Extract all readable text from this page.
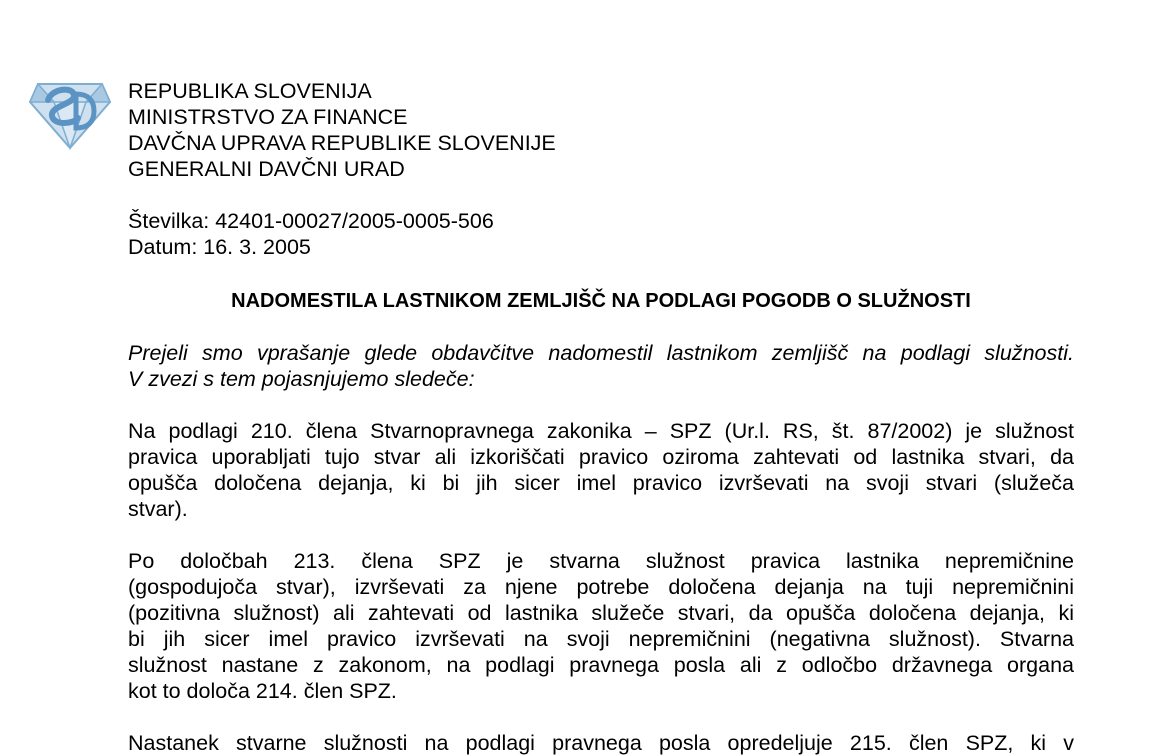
REPUBLIKA SLOVENIJA
MINISTRSTVO ZA FINANCE
DAVČNA UPRAVA REPUBLIKE SLOVENIJE
GENERALNI DAVČNI URAD
Številka: 42401-00027/2005-0005-506
Datum: 16. 3. 2005
NADOMESTILA LASTNIKOM ZEMLJIŠČ NA PODLAGI POGODB O SLUŽNOSTI
Prejeli smo vprašanje glede obdavčitve nadomestil lastnikom zemljišč na podlagi služnosti.
V zvezi s tem pojasnjujemo sledeče:
Na podlagi 210. člena Stvarnopravnega zakonika – SPZ (Ur.l. RS, št. 87/2002) je služnost
pravica uporabljati tujo stvar ali izkoriščati pravico oziroma zahtevati od lastnika stvari, da
opušča določena dejanja, ki bi jih sicer imel pravico izvrševati na svoji stvari (služeča
stvar).
Po določbah 213. člena SPZ je stvarna služnost pravica lastnika nepremičnine
(gospodujoča stvar), izvrševati za njene potrebe določena dejanja na tuji nepremičnini
(pozitivna služnost) ali zahtevati od lastnika služeče stvari, da opušča določena dejanja, ki
bi jih sicer imel pravico izvrševati na svoji nepremičnini (negativna služnost). Stvarna
služnost nastane z zakonom, na podlagi pravnega posla ali z odločbo državnega organa
kot to določa 214. člen SPZ.
Nastanek stvarne služnosti na podlagi pravnega posla opredeljuje 215. člen SPZ, ki v
